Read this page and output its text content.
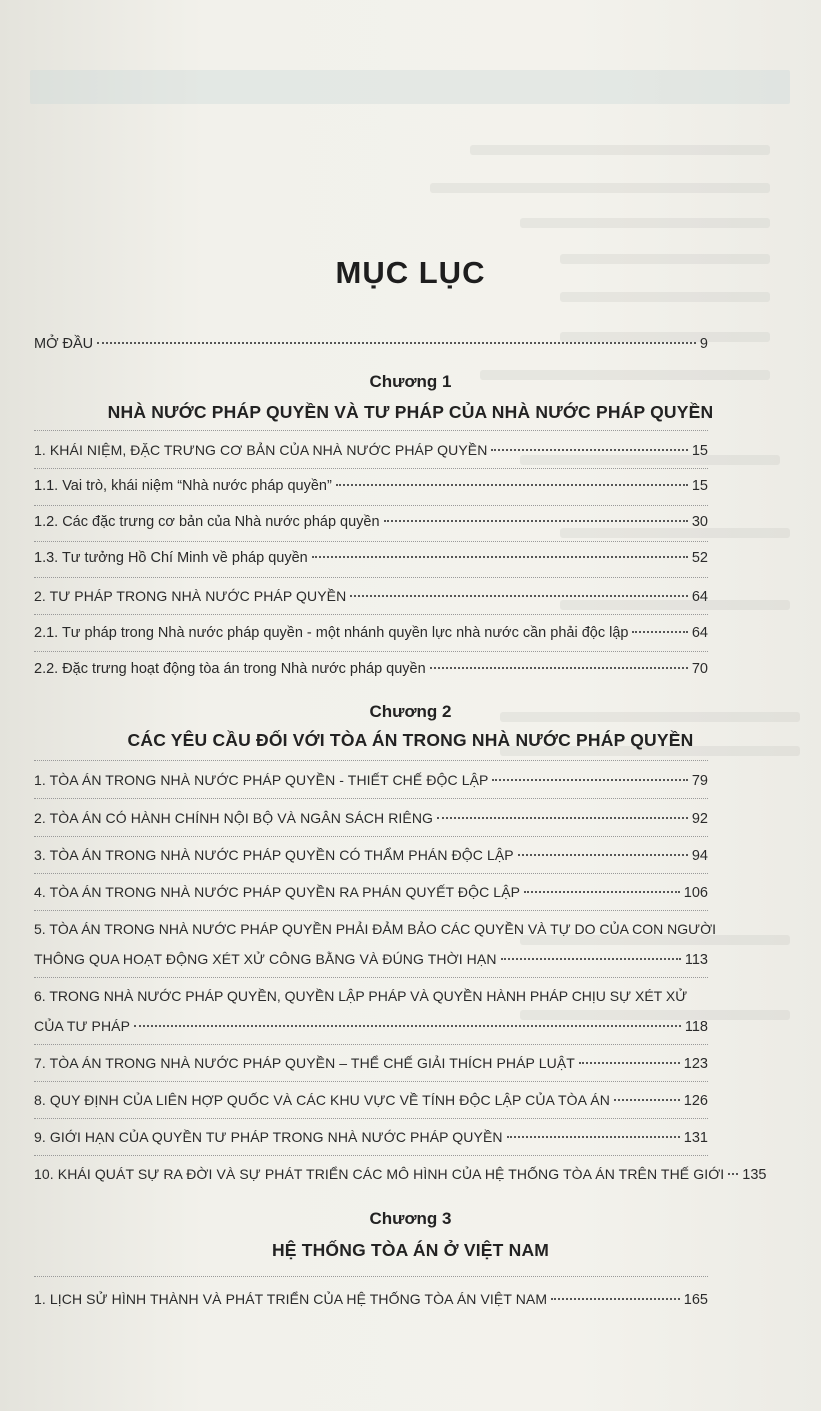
MỤC LỤC
MỞ ĐẦU	9
Chương 1
NHÀ NƯỚC PHÁP QUYỀN VÀ TƯ PHÁP CỦA NHÀ NƯỚC PHÁP QUYỀN
1. KHÁI NIỆM, ĐẶC TRƯNG CƠ BẢN CỦA NHÀ NƯỚC PHÁP QUYỀN	15
1.1. Vai trò, khái niệm “Nhà nước pháp quyền”	15
1.2. Các đặc trưng cơ bản của Nhà nước pháp quyền	30
1.3. Tư tưởng Hồ Chí Minh về pháp quyền	52
2. TƯ PHÁP TRONG NHÀ NƯỚC PHÁP QUYỀN	64
2.1. Tư pháp trong Nhà nước pháp quyền - một nhánh quyền lực nhà nước cần phải độc lập	64
2.2. Đặc trưng hoạt động tòa án trong Nhà nước pháp quyền	70
Chương 2
CÁC YÊU CẦU ĐỐI VỚI TÒA ÁN TRONG NHÀ NƯỚC PHÁP QUYỀN
1. TÒA ÁN TRONG NHÀ NƯỚC PHÁP QUYỀN - THIẾT CHẾ ĐỘC LẬP	79
2. TÒA ÁN CÓ HÀNH CHÍNH NỘI BỘ VÀ NGÂN SÁCH RIÊNG	92
3. TÒA ÁN TRONG NHÀ NƯỚC PHÁP QUYỀN CÓ THẨM PHÁN ĐỘC LẬP	94
4. TÒA ÁN TRONG NHÀ NƯỚC PHÁP QUYỀN RA PHÁN QUYẾT ĐỘC LẬP	106
5. TÒA ÁN TRONG NHÀ NƯỚC PHÁP QUYỀN PHẢI ĐẢM BẢO CÁC QUYỀN VÀ TỰ DO CỦA CON NGƯỜI
THÔNG QUA HOẠT ĐỘNG XÉT XỬ CÔNG BẰNG VÀ ĐÚNG THỜI HẠN	113
6. TRONG NHÀ NƯỚC PHÁP QUYỀN, QUYỀN LẬP PHÁP VÀ QUYỀN HÀNH PHÁP CHỊU SỰ XÉT XỬ
CỦA TƯ PHÁP	118
7. TÒA ÁN TRONG NHÀ NƯỚC PHÁP QUYỀN – THỂ CHẾ GIẢI THÍCH PHÁP LUẬT	123
8. QUY ĐỊNH CỦA LIÊN HỢP QUỐC VÀ CÁC KHU VỰC VỀ TÍNH ĐỘC LẬP CỦA TÒA ÁN	126
9. GIỚI HẠN CỦA QUYỀN TƯ PHÁP TRONG NHÀ NƯỚC PHÁP QUYỀN	131
10. KHÁI QUÁT SỰ RA ĐỜI VÀ SỰ PHÁT TRIỂN CÁC MÔ HÌNH CỦA HỆ THỐNG TÒA ÁN TRÊN THẾ GIỚI 135
Chương 3
HỆ THỐNG TÒA ÁN Ở VIỆT NAM
1. LỊCH SỬ HÌNH THÀNH VÀ PHÁT TRIỂN CỦA HỆ THỐNG TÒA ÁN VIỆT NAM	165
